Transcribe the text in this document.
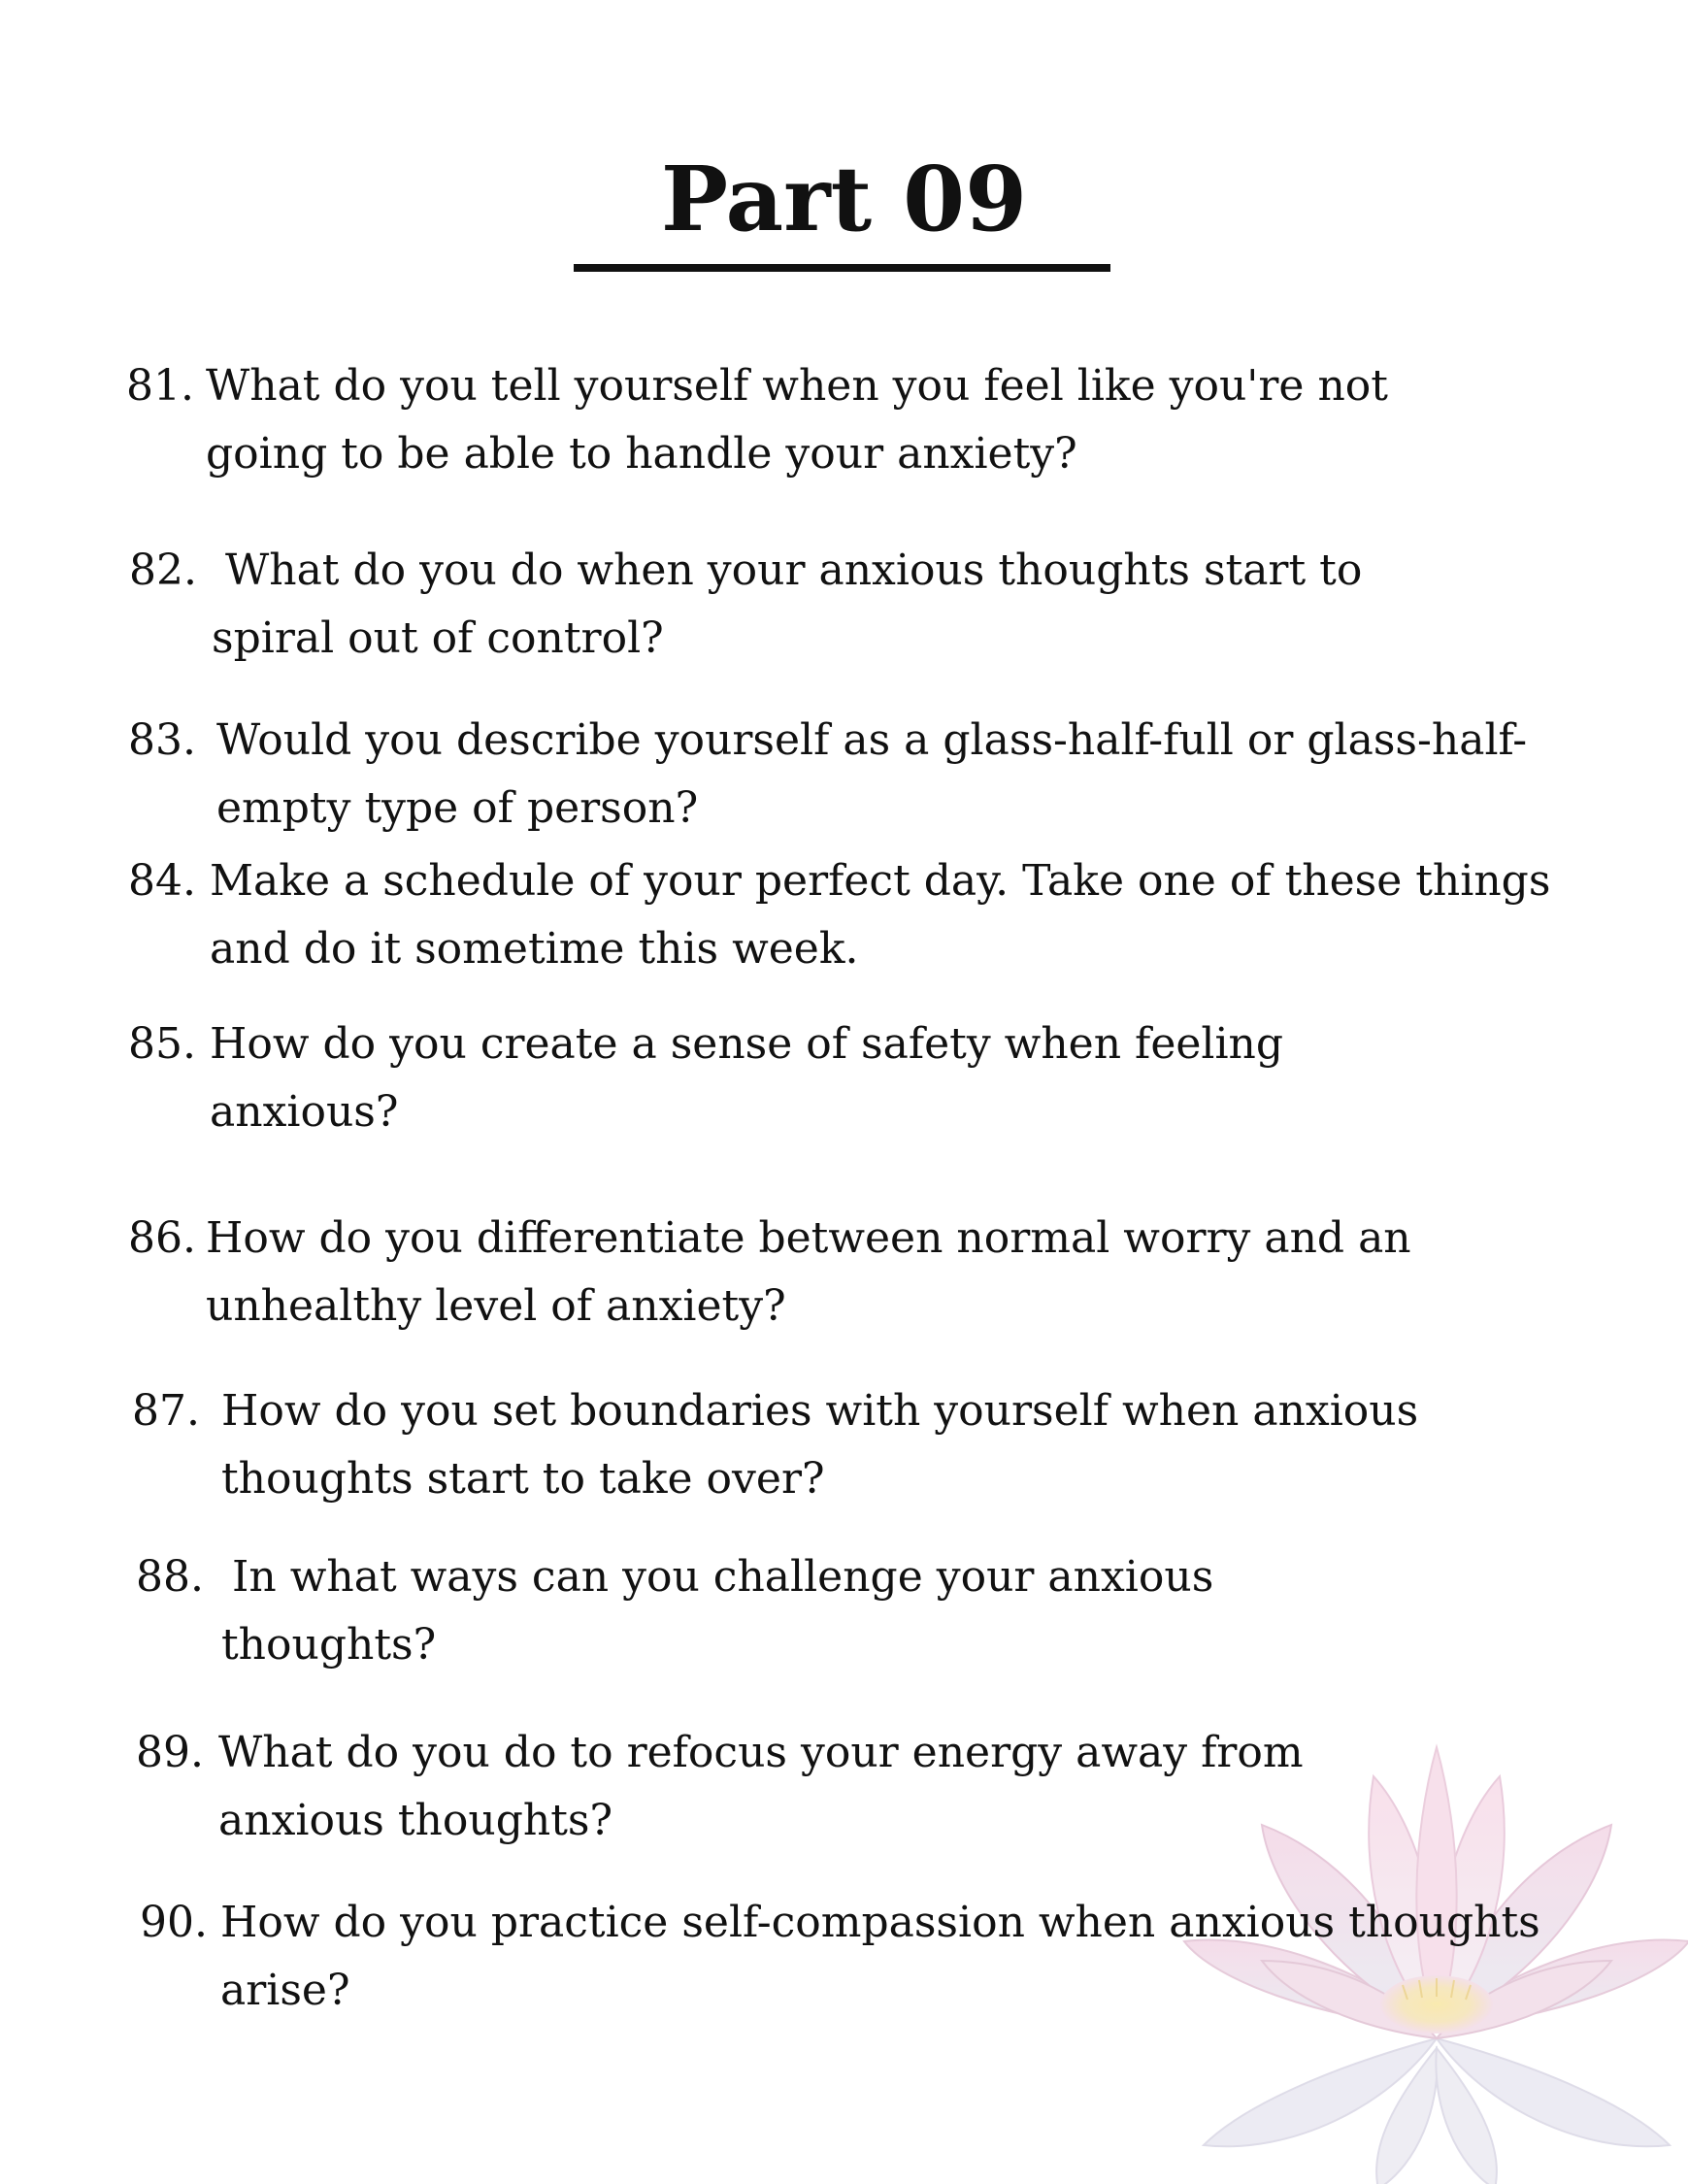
Part 09
81. What do you tell yourself when you feel like you're not
going to be able to handle your anxiety?

82. What do you do when your anxious thoughts start to
spiral out of control?

83. Would you describe yourself as a glass-half-full or glass-half-
empty type of person?

84. Make a schedule of your perfect day. Take one of these things
and do it sometime this week.

85. How do you create a sense of safety when feeling
anxious?

86. How do you differentiate between normal worry and an
unhealthy level of anxiety?

87. How do you set boundaries with yourself when anxious
thoughts start to take over?

88. In what ways can you challenge your anxious
thoughts?

89. What do you do to refocus your energy away from
anxious thoughts?

90. How do you practice self-compassion when anxious thoughts
arise?
